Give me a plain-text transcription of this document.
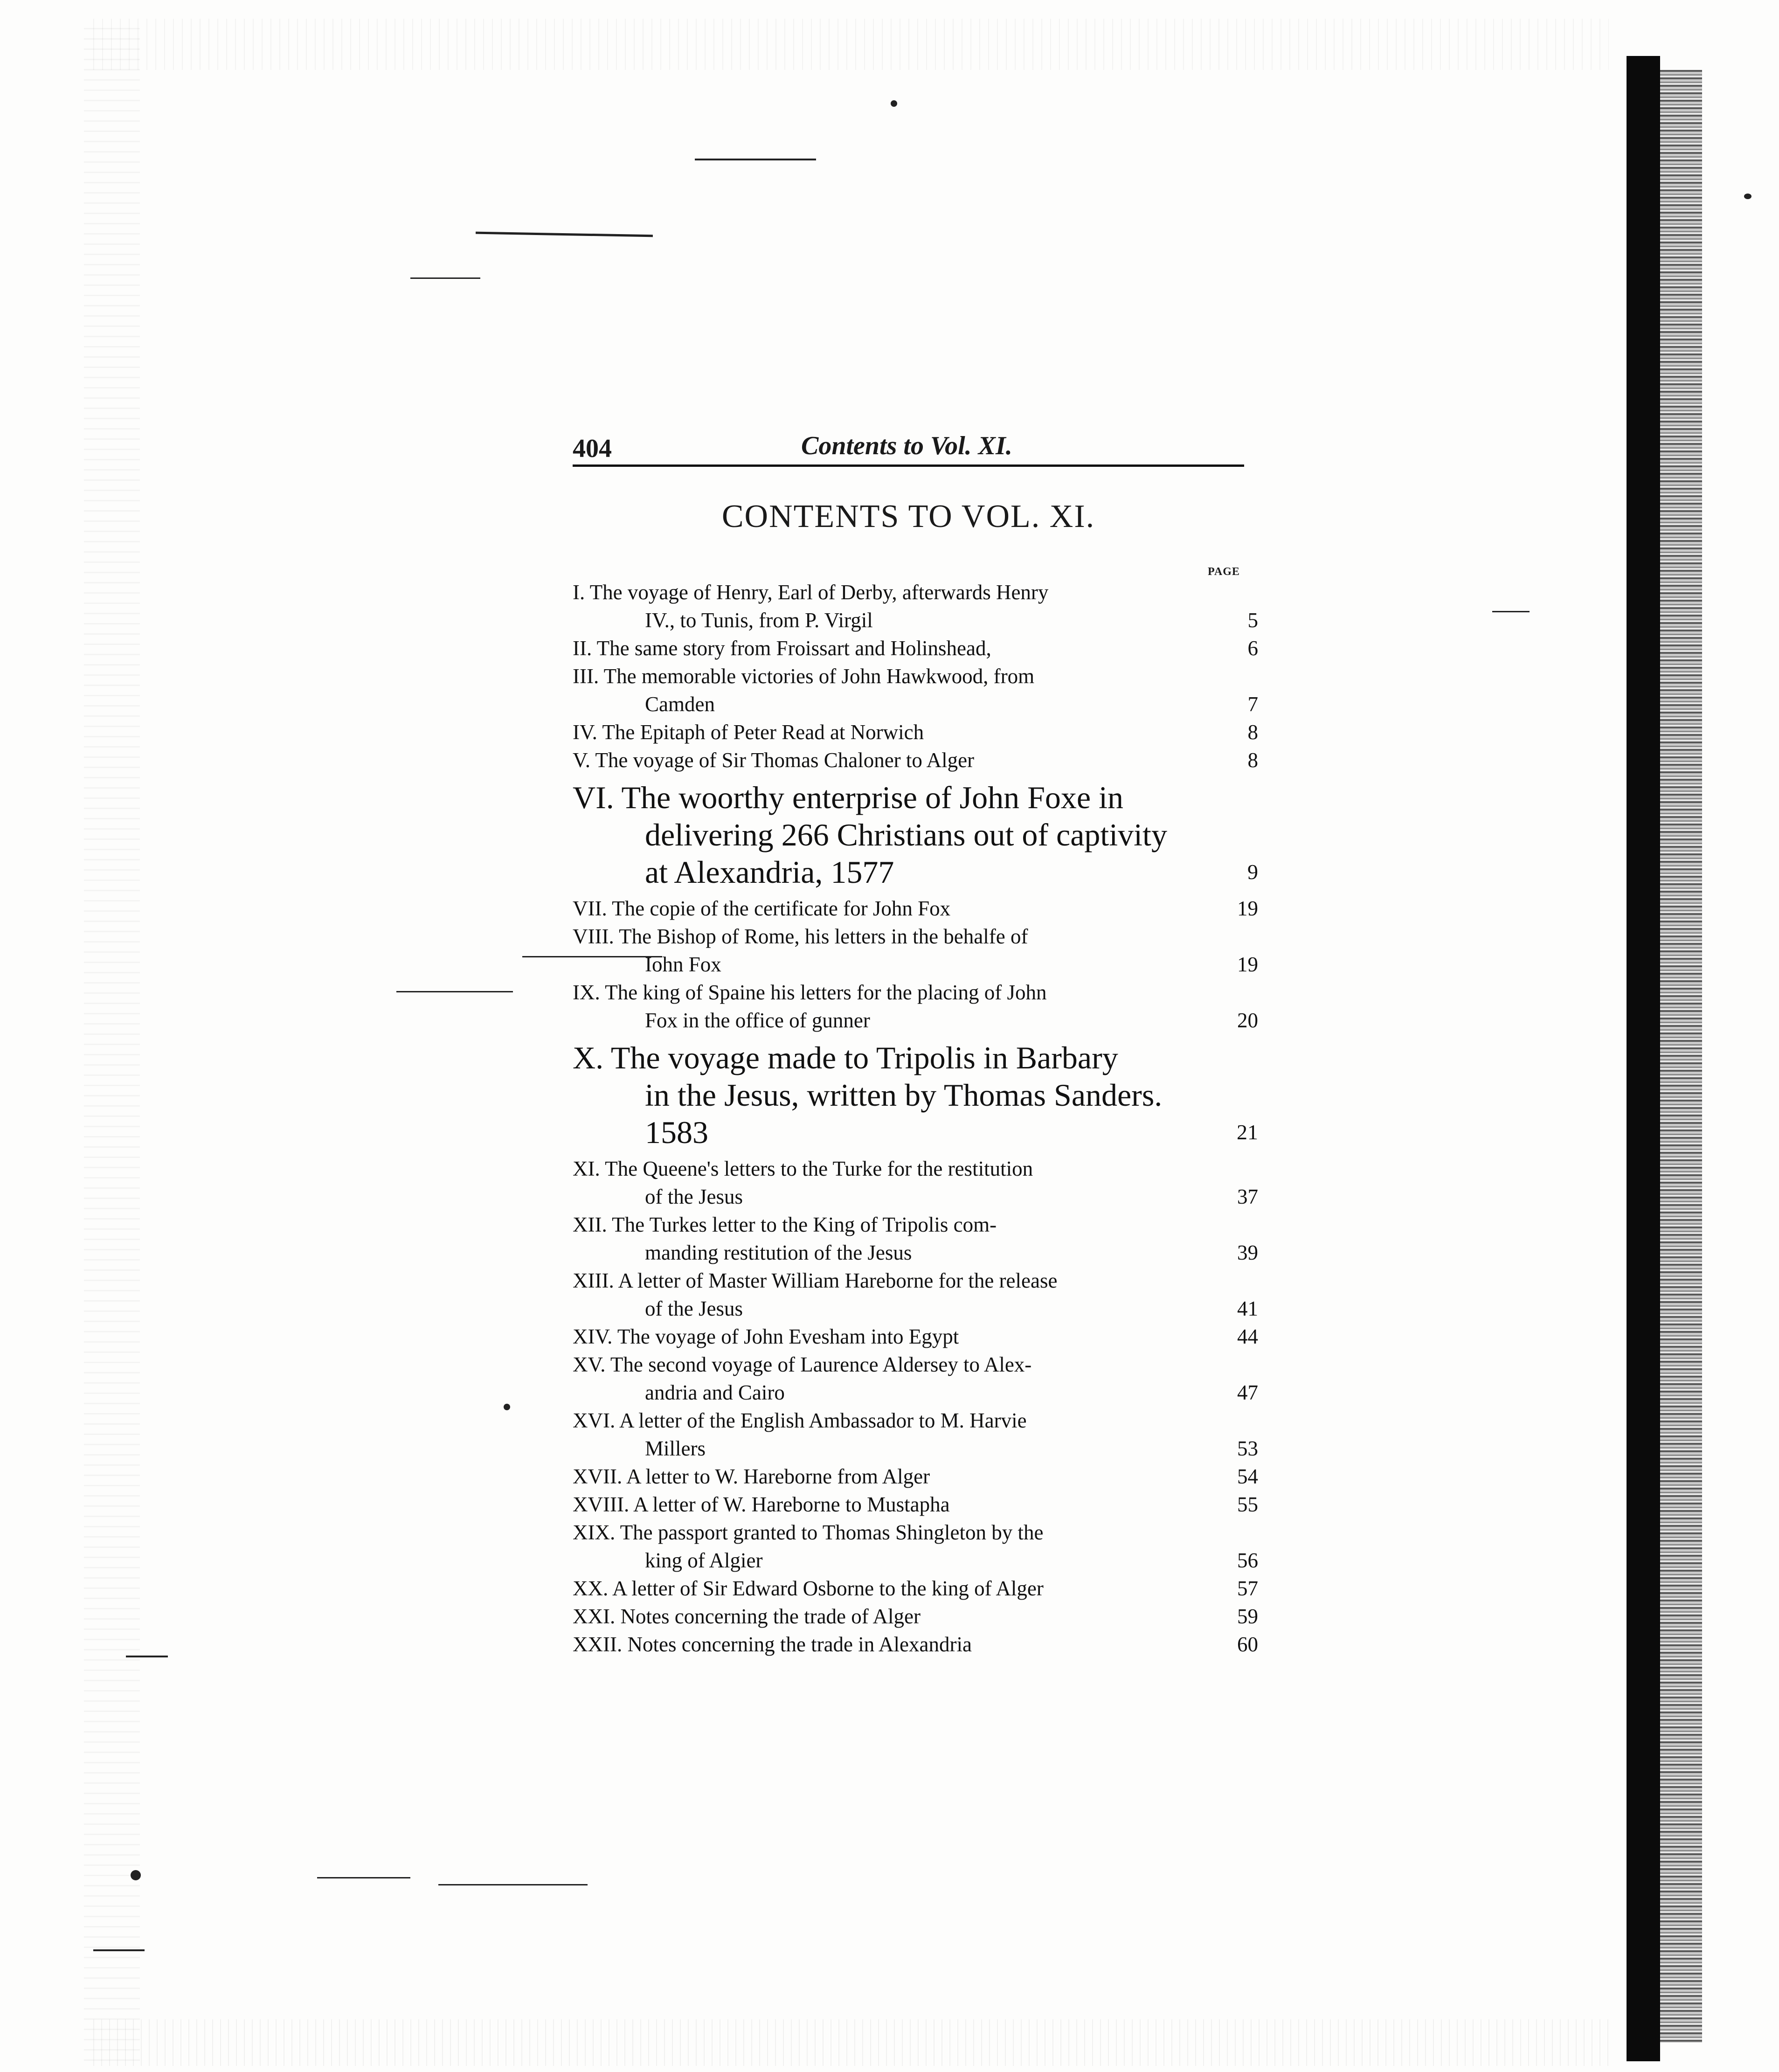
404	Contents to Vol. XI.
CONTENTS TO VOL. XI.
PAGE
I. The voyage of Henry, Earl of Derby, afterwards Henry
IV., to Tunis, from P. Virgil	5
II. The same story from Froissart and Holinshead,	6
III. The memorable victories of John Hawkwood, from
Camden	7
IV. The Epitaph of Peter Read at Norwich	8
V. The voyage of Sir Thomas Chaloner to Alger	8
VI. The woorthy enterprise of John Foxe in
delivering 266 Christians out of captivity
at Alexandria, 1577	9
VII. The copie of the certificate for John Fox	19
VIII. The Bishop of Rome, his letters in the behalfe of
Iohn Fox	19
IX. The king of Spaine his letters for the placing of John
Fox in the office of gunner	20
X. The voyage made to Tripolis in Barbary
in the Jesus, written by Thomas Sanders.
1583	21
XI. The Queene's letters to the Turke for the restitution
of the Jesus	37
XII. The Turkes letter to the King of Tripolis com-
manding restitution of the Jesus	39
XIII. A letter of Master William Hareborne for the release
of the Jesus	41
XIV. The voyage of John Evesham into Egypt	44
XV. The second voyage of Laurence Aldersey to Alex-
andria and Cairo	47
XVI. A letter of the English Ambassador to M. Harvie
Millers	53
XVII. A letter to W. Hareborne from Alger	54
XVIII. A letter of W. Hareborne to Mustapha	55
XIX. The passport granted to Thomas Shingleton by the
king of Algier	56
XX. A letter of Sir Edward Osborne to the king of Alger	57
XXI. Notes concerning the trade of Alger	59
XXII. Notes concerning the trade in Alexandria	60
